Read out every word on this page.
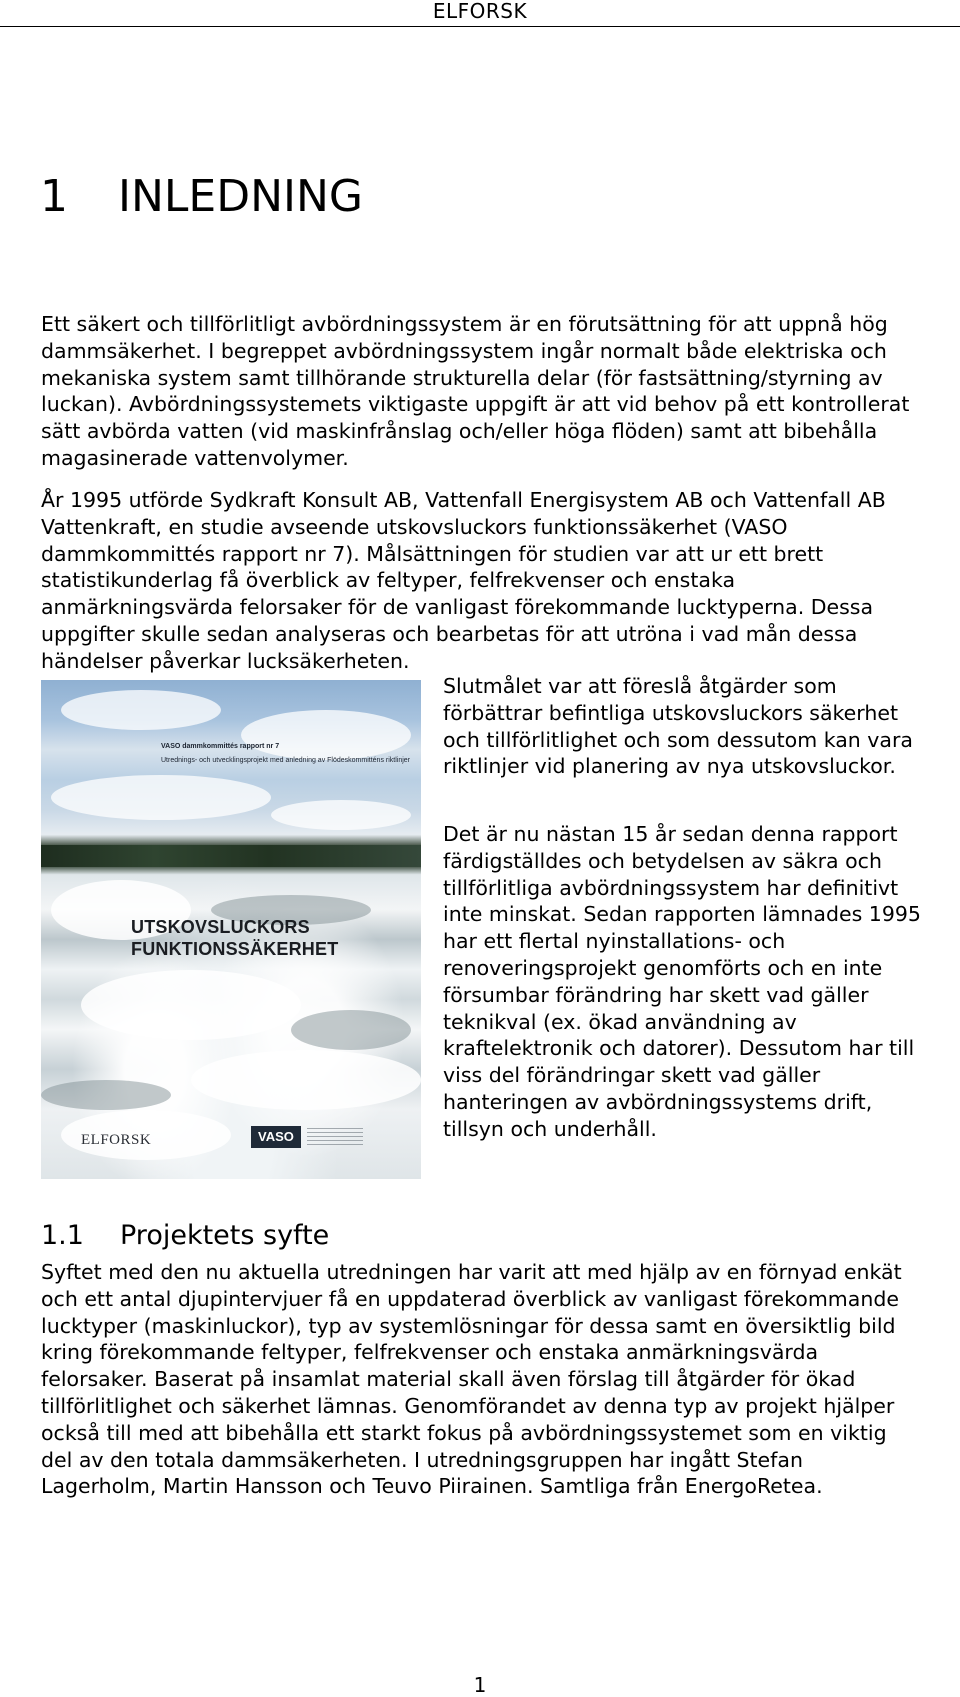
ELFORSK
1 INLEDNING

Ett säkert och tillförlitligt avbördningssystem är en förutsättning för att uppnå hög dammsäkerhet. I begreppet avbördningssystem ingår normalt både elektriska och mekaniska system samt tillhörande strukturella delar (för fastsättning/styrning av luckan). Avbördningssystemets viktigaste uppgift är att vid behov på ett kontrollerat sätt avbörda vatten (vid maskinfrånslag och/eller höga flöden) samt att bibehålla magasinerade vattenvolymer.

År 1995 utförde Sydkraft Konsult AB, Vattenfall Energisystem AB och Vattenfall AB Vattenkraft, en studie avseende utskovsluckors funktionssäkerhet (VASO dammkommittés rapport nr 7). Målsättningen för studien var att ur ett brett statistikunderlag få överblick av feltyper, felfrekvenser och enstaka anmärkningsvärda felorsaker för de vanligast förekommande lucktyperna. Dessa uppgifter skulle sedan analyseras och bearbetas för att utröna i vad mån dessa händelser påverkar lucksäkerheten.

VASO dammkommittés rapport nr 7
Utrednings- och utvecklingsprojekt med anledning av Flödeskommitténs riktlinjer
UTSKOVSLUCKORS
FUNKTIONSSÄKERHET
ELFORSK	VASO

Slutmålet var att föreslå åtgärder som förbättrar befintliga utskovsluckors säkerhet och tillförlitlighet och som dessutom kan vara riktlinjer vid planering av nya utskovsluckor.

Det är nu nästan 15 år sedan denna rapport färdigställdes och betydelsen av säkra och tillförlitliga avbördningssystem har definitivt inte minskat. Sedan rapporten lämnades 1995 har ett flertal nyinstallations- och renoveringsprojekt genomförts och en inte försumbar förändring har skett vad gäller teknikval (ex. ökad användning av kraftelektronik och datorer). Dessutom har till viss del förändringar skett vad gäller hanteringen av avbördningssystems drift, tillsyn och underhåll.

1.1 Projektets syfte

Syftet med den nu aktuella utredningen har varit att med hjälp av en förnyad enkät och ett antal djupintervjuer få en uppdaterad överblick av vanligast förekommande lucktyper (maskinluckor), typ av systemlösningar för dessa samt en översiktlig bild kring förekommande feltyper, felfrekvenser och enstaka anmärkningsvärda felorsaker. Baserat på insamlat material skall även förslag till åtgärder för ökad tillförlitlighet och säkerhet lämnas. Genomförandet av denna typ av projekt hjälper också till med att bibehålla ett starkt fokus på avbördningssystemet som en viktig del av den totala dammsäkerheten. I utredningsgruppen har ingått Stefan Lagerholm, Martin Hansson och Teuvo Piirainen. Samtliga från EnergoRetea.

1
